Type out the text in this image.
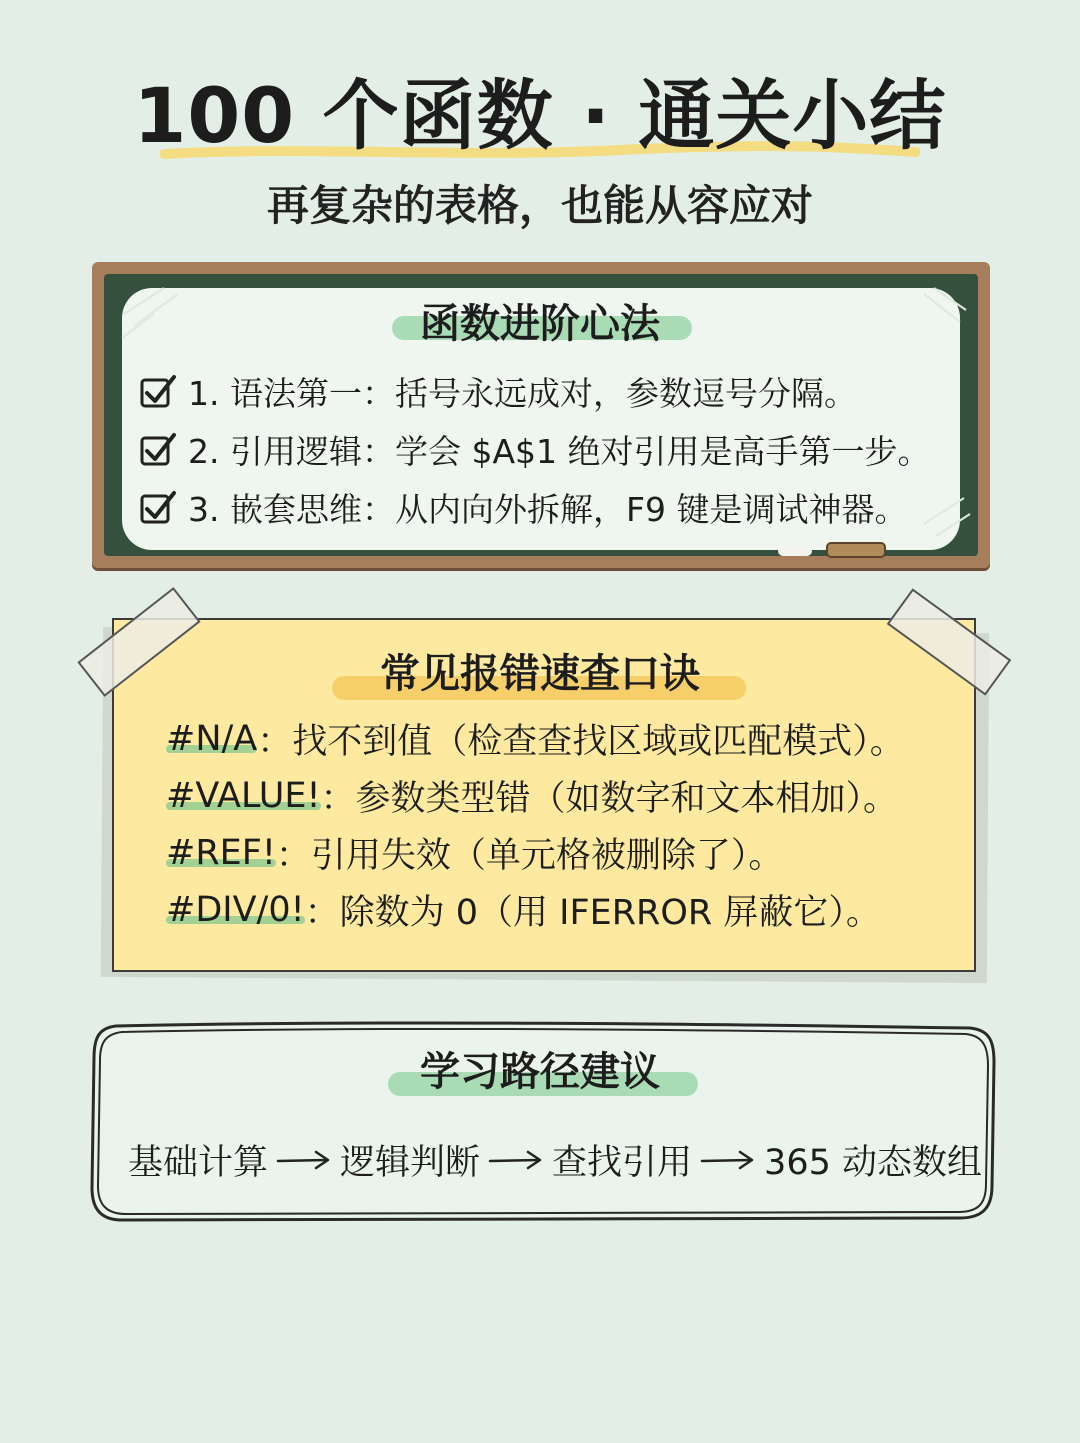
100 个函数 · 通关小结
再复杂的表格，也能从容应对
函数进阶心法
1. 语法第一：括号永远成对，参数逗号分隔。
2. 引用逻辑：学会 $A$1 绝对引用是高手第一步。
3. 嵌套思维：从内向外拆解，F9 键是调试神器。
常见报错速查口诀
#N/A ：找不到值（检查查找区域或匹配模式）。
#VALUE! ：参数类型错（如数字和文本相加）。
#REF! ：引用失效（单元格被删除了）。
#DIV/0! ：除数为 0（用 IFERROR 屏蔽它）。
学习路径建议
基础计算 逻辑判断 查找引用 365 动态数组
